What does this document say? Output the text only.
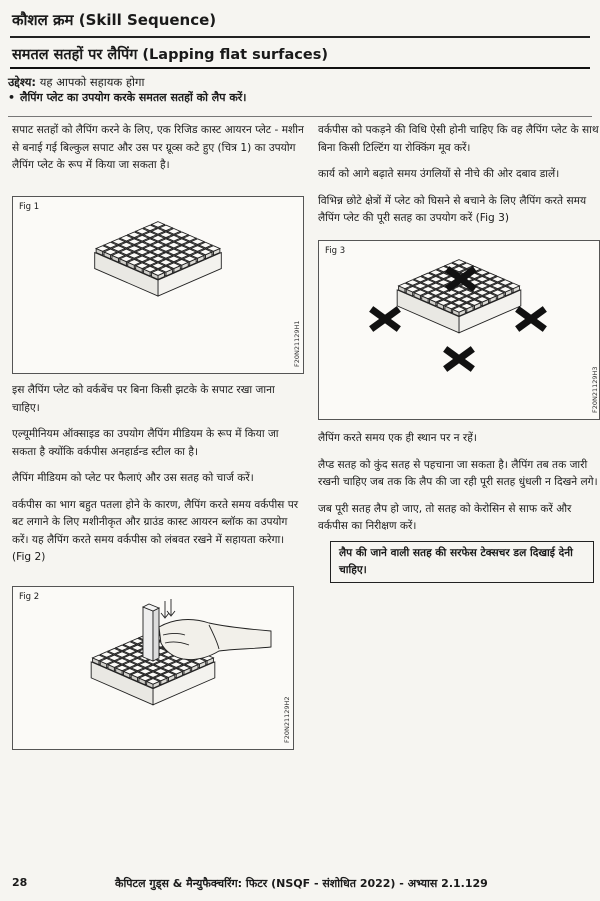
कौशल क्रम (Skill Sequence)
समतल सतहों पर लैपिंग (Lapping flat surfaces)
उद्देश्य: यह आपको सहायक होगा
• लैपिंग प्लेट का उपयोग करके समतल सतहों को लैप करें।

सपाट सतहों को लैपिंग करने के लिए, एक रिजिड कास्ट आयरन प्लेट - मशीन से बनाई गई बिल्कुल सपाट और उस पर ग्रूव्स कटे हुए (चित्र 1) का उपयोग लैपिंग प्लेट के रूप में किया जा सकता है।

Fig 1
F20N21129H1

इस लैपिंग प्लेट को वर्कबेंच पर बिना किसी झटके के सपाट रखा जाना चाहिए।

एल्यूमीनियम ऑक्साइड का उपयोग लैपिंग मीडियम के रूप में किया जा सकता है क्योंकि वर्कपीस अनहार्डन्ड स्टील का है।

लैपिंग मीडियम को प्लेट पर फैलाएं और उस सतह को चार्ज करें।

वर्कपीस का भाग बहुत पतला होने के कारण, लैपिंग करते समय वर्कपीस पर बट लगाने के लिए मशीनीकृत और ग्राउंड कास्ट आयरन ब्लॉक का उपयोग करें। यह लैपिंग करते समय वर्कपीस को लंबवत रखने में सहायता करेगा। (Fig 2)

Fig 2
F20N21129H2

वर्कपीस को पकड़ने की विधि ऐसी होनी चाहिए कि वह लैपिंग प्लेट के साथ बिना किसी टिल्टिंग या रोक्किंग मूव करें।

कार्य को आगे बढ़ाते समय उंगलियों से नीचे की ओर दबाव डालें।

विभिन्न छोटे क्षेत्रों में प्लेट को घिसने से बचाने के लिए लैपिंग करते समय लैपिंग प्लेट की पूरी सतह का उपयोग करें (Fig 3)

Fig 3
F20N21129H3

लैपिंग करते समय एक ही स्थान पर न रहें।

लैप्ड सतह को कुंद सतह से पहचाना जा सकता है। लैपिंग तब तक जारी रखनी चाहिए जब तक कि लैप की जा रही पूरी सतह धुंधली न दिखने लगे।

जब पूरी सतह लैप हो जाए, तो सतह को केरोसिन से साफ करें और वर्कपीस का निरीक्षण करें।

लैप की जाने वाली सतह की सरफेस टेक्सचर डल दिखाई देनी चाहिए।
28	कैपिटल गुड्स & मैन्युफैक्चरिंग: फिटर (NSQF - संशोधित 2022) - अभ्यास 2.1.129
